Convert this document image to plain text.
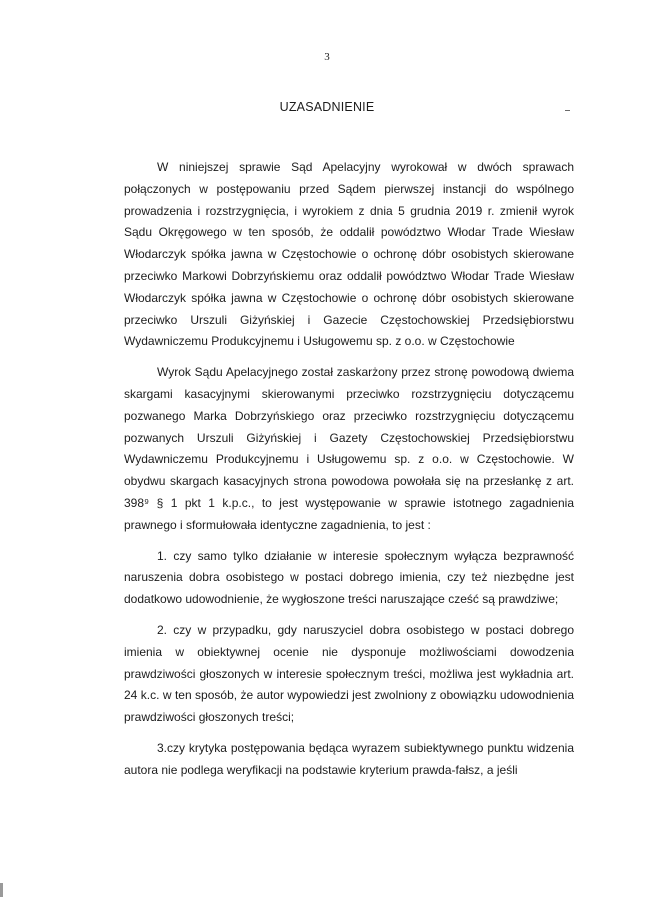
3
UZASADNIENIE

W niniejszej sprawie Sąd Apelacyjny wyrokował w dwóch sprawach połączonych w postępowaniu przed Sądem pierwszej instancji do wspólnego prowadzenia i rozstrzygnięcia, i wyrokiem z dnia 5 grudnia 2019 r. zmienił wyrok Sądu Okręgowego w ten sposób, że oddalił powództwo Włodar Trade Wiesław Włodarczyk spółka jawna w Częstochowie o ochronę dóbr osobistych skierowane przeciwko Markowi Dobrzyńskiemu oraz oddalił powództwo Włodar Trade Wiesław Włodarczyk spółka jawna w Częstochowie o ochronę dóbr osobistych skierowane przeciwko Urszuli Giżyńskiej i Gazecie Częstochowskiej Przedsiębiorstwu Wydawniczemu Produkcyjnemu i Usługowemu sp. z o.o. w Częstochowie

Wyrok Sądu Apelacyjnego został zaskarżony przez stronę powodową dwiema skargami kasacyjnymi skierowanymi przeciwko rozstrzygnięciu dotyczącemu pozwanego Marka Dobrzyńskiego oraz przeciwko rozstrzygnięciu dotyczącemu pozwanych Urszuli Giżyńskiej i Gazety Częstochowskiej Przedsiębiorstwu Wydawniczemu Produkcyjnemu i Usługowemu sp. z o.o. w Częstochowie. W obydwu skargach kasacyjnych strona powodowa powołała się na przesłankę z art. 398⁹ § 1 pkt 1 k.p.c., to jest występowanie w sprawie istotnego zagadnienia prawnego i sformułowała identyczne zagadnienia, to jest :

1. czy samo tylko działanie w interesie społecznym wyłącza bezprawność naruszenia dobra osobistego w postaci dobrego imienia, czy też niezbędne jest dodatkowo udowodnienie, że wygłoszone treści naruszające cześć są prawdziwe;

2. czy w przypadku, gdy naruszyciel dobra osobistego w postaci dobrego imienia w obiektywnej ocenie nie dysponuje możliwościami dowodzenia prawdziwości głoszonych w interesie społecznym treści, możliwa jest wykładnia art. 24 k.c. w ten sposób, że autor wypowiedzi jest zwolniony z obowiązku udowodnienia prawdziwości głoszonych treści;

3.czy krytyka postępowania będąca wyrazem subiektywnego punktu widzenia autora nie podlega weryfikacji na podstawie kryterium prawda-fałsz, a jeśli
